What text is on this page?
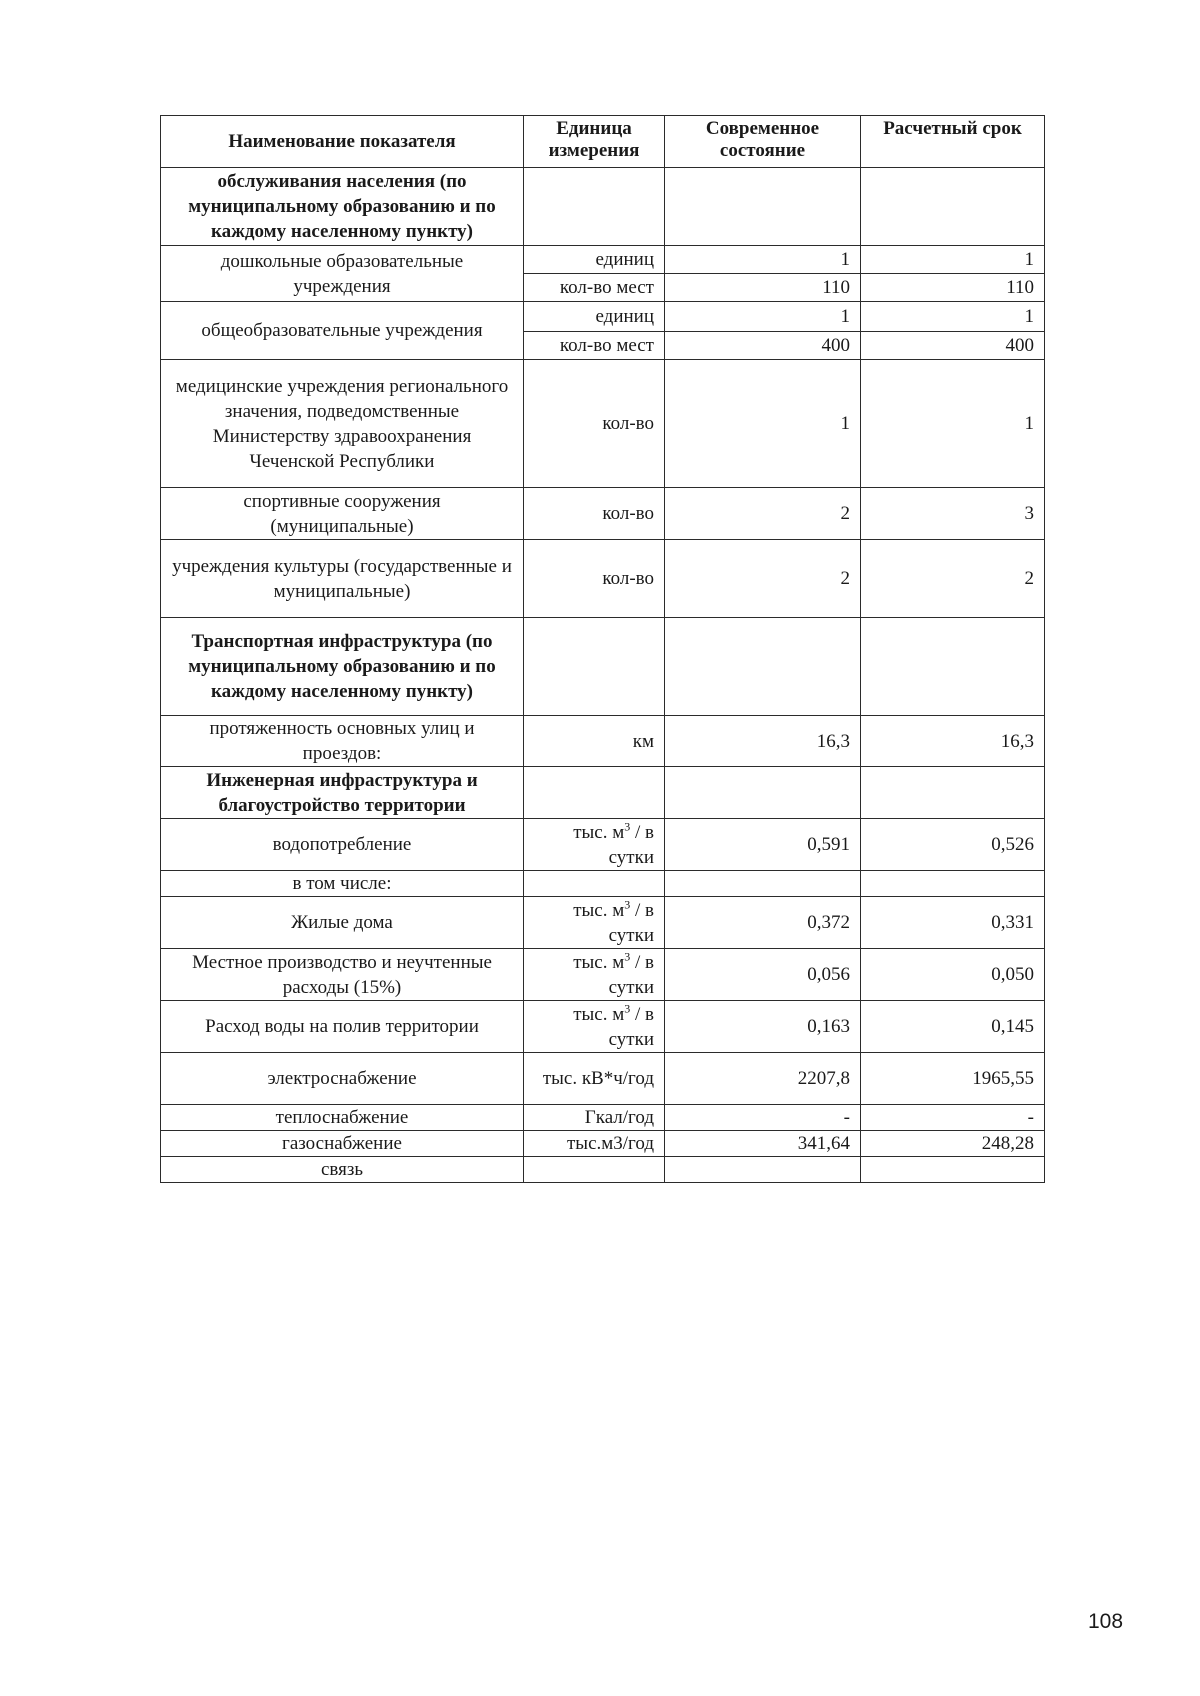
Наименование показателя	Единица измерения	Современное состояние	Расчетный срок
обслуживания населения (по муниципальному образованию и по каждому населенному пункту)			
дошкольные образовательные учреждения	единиц	1	1
	кол-во мест	110	110
общеобразовательные учреждения	единиц	1	1
	кол-во мест	400	400
медицинские учреждения регионального значения, подведомственные Министерству здравоохранения Чеченской Республики	кол-во	1	1
спортивные сооружения (муниципальные)	кол-во	2	3
учреждения культуры (государственные и муниципальные)	кол-во	2	2
Транспортная инфраструктура (по муниципальному образованию и по каждому населенному пункту)			
протяженность основных улиц и проездов:	км	16,3	16,3
Инженерная инфраструктура и благоустройство территории			
водопотребление	тыс. $м^3$ / в сутки	0,591	0,526
в том числе:			
Жилые дома	тыс. $м^3$ / в сутки	0,372	0,331
Местное производство и неучтенные расходы (15%)	тыс. $м^3$ / в сутки	0,056	0,050
Расход воды на полив территории	тыс. $м^3$ / в сутки	0,163	0,145
электроснабжение	тыс. кВ*ч/год	2207,8	1965,55
теплоснабжение	Гкал/год	-	-
газоснабжение	тыс.м3/год	341,64	248,28
связь			
108
